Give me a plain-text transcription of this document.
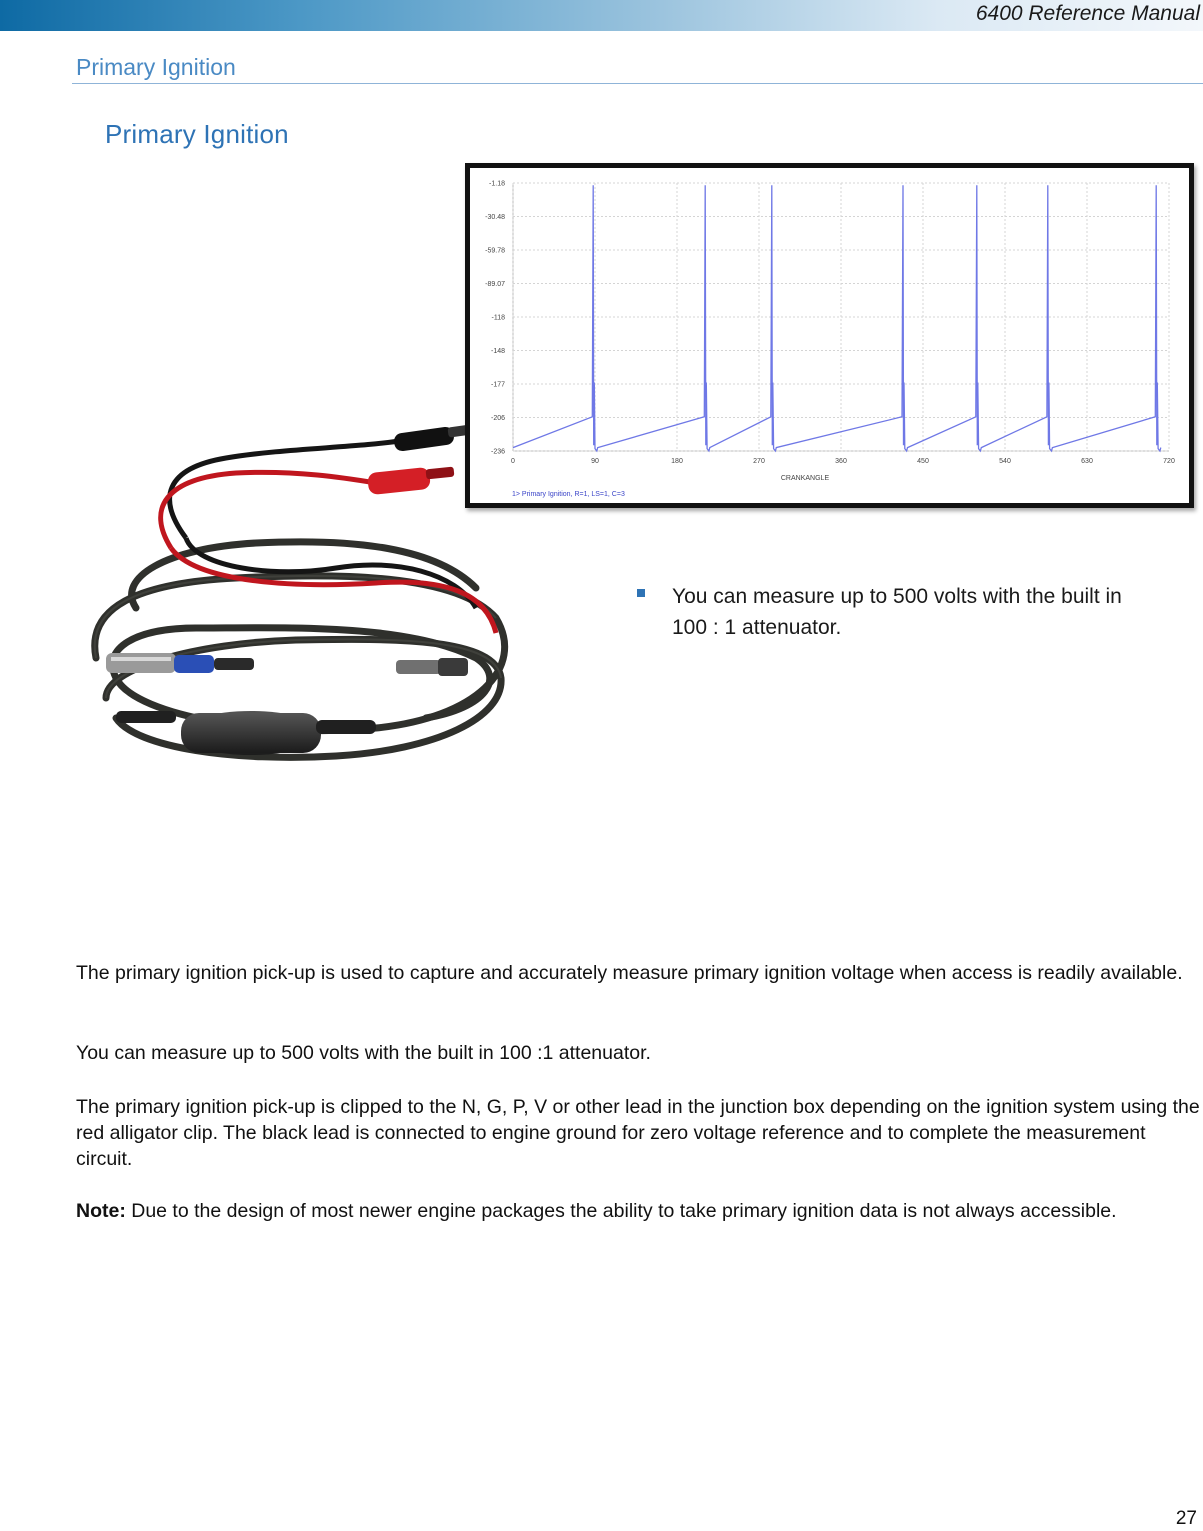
6400 Reference Manual
Primary Ignition
Primary Ignition
-1.18
-30.48
-59.78
-89.07
-118
-148
-177
-206
-236
0	90	180	270	360	450	540	630	720
CRANKANGLE
1> Primary Ignition, R=1, LS=1, C=3
You can measure up to 500 volts with the built in 100 : 1 attenuator.
The primary ignition pick-up is used to capture and accurately measure primary ignition voltage when access is readily available.
You can measure up to 500 volts with the built in 100 :1 attenuator.
The primary ignition pick-up is clipped to the N, G, P, V or other lead in the junction box depending on the ignition system using the red alligator clip. The black lead is connected to engine ground for zero voltage reference and to complete the measurement circuit.
Note: Due to the design of most newer engine packages the ability to take primary ignition data is not always accessible.
27
